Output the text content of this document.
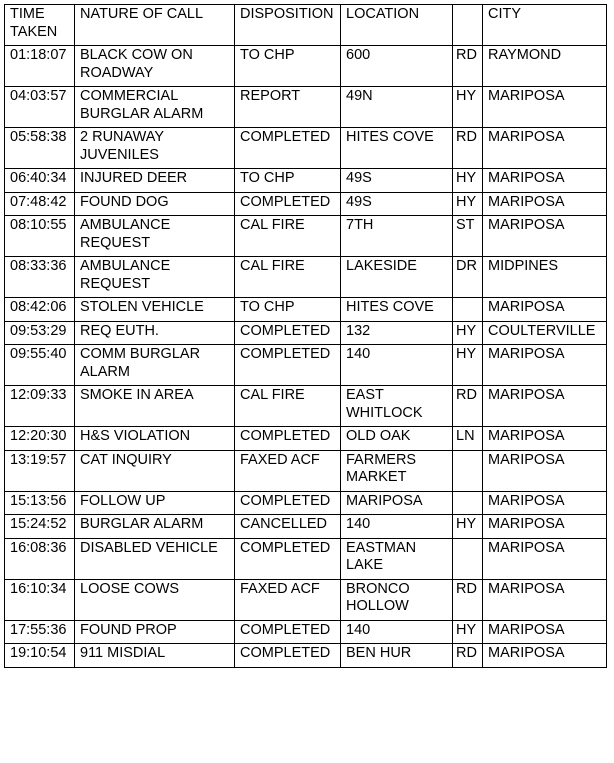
TIME TAKEN	NATURE OF CALL	DISPOSITION	LOCATION		CITY
01:18:07	BLACK COW ON ROADWAY	TO CHP	600	RD	RAYMOND
04:03:57	COMMERCIAL BURGLAR ALARM	REPORT	49N	HY	MARIPOSA
05:58:38	2 RUNAWAY JUVENILES	COMPLETED	HITES COVE	RD	MARIPOSA
06:40:34	INJURED DEER	TO CHP	49S	HY	MARIPOSA
07:48:42	FOUND DOG	COMPLETED	49S	HY	MARIPOSA
08:10:55	AMBULANCE REQUEST	CAL FIRE	7TH	ST	MARIPOSA
08:33:36	AMBULANCE REQUEST	CAL FIRE	LAKESIDE	DR	MIDPINES
08:42:06	STOLEN VEHICLE	TO CHP	HITES COVE		MARIPOSA
09:53:29	REQ EUTH.	COMPLETED	132	HY	COULTERVILLE
09:55:40	COMM BURGLAR ALARM	COMPLETED	140	HY	MARIPOSA
12:09:33	SMOKE IN AREA	CAL FIRE	EAST WHITLOCK	RD	MARIPOSA
12:20:30	H&S VIOLATION	COMPLETED	OLD OAK	LN	MARIPOSA
13:19:57	CAT INQUIRY	FAXED ACF	FARMERS MARKET		MARIPOSA
15:13:56	FOLLOW UP	COMPLETED	MARIPOSA		MARIPOSA
15:24:52	BURGLAR ALARM	CANCELLED	140	HY	MARIPOSA
16:08:36	DISABLED VEHICLE	COMPLETED	EASTMAN LAKE		MARIPOSA
16:10:34	LOOSE COWS	FAXED ACF	BRONCO HOLLOW	RD	MARIPOSA
17:55:36	FOUND PROP	COMPLETED	140	HY	MARIPOSA
19:10:54	911 MISDIAL	COMPLETED	BEN HUR	RD	MARIPOSA
